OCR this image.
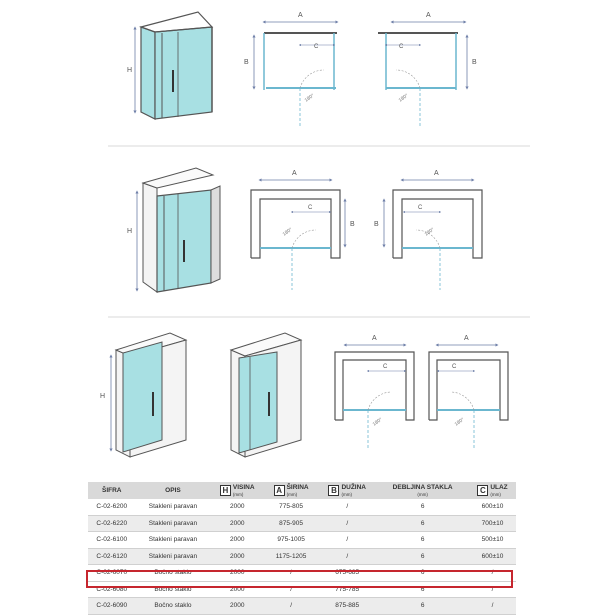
H
A
B
C
180°
A
B
C
180°
H
A
B
C
180°
A
B
C
180°
H
A
C
180°
A
C
180°
ŠIFRA	OPIS	H VISINA
(mm)	A ŠIRINA
(mm)	B DUŽINA
(mm)	DEBLJINA STAKLA
(mm)	C ULAZ
(mm)

C-02-6200	Stakleni paravan	2000	775-805	/	6	600±10
C-02-6220	Stakleni paravan	2000	875-905	/	6	700±10
C-02-6100	Stakleni paravan	2000	975-1005	/	6	500±10
C-02-6120	Stakleni paravan	2000	1175-1205	/	6	600±10
C-02-6070	Bočno staklo	2000	/	675-685	6	/
C-02-6080	Bočno staklo	2000	/	775-785	6	/
C-02-6090	Bočno staklo	2000	/	875-885	6	/
